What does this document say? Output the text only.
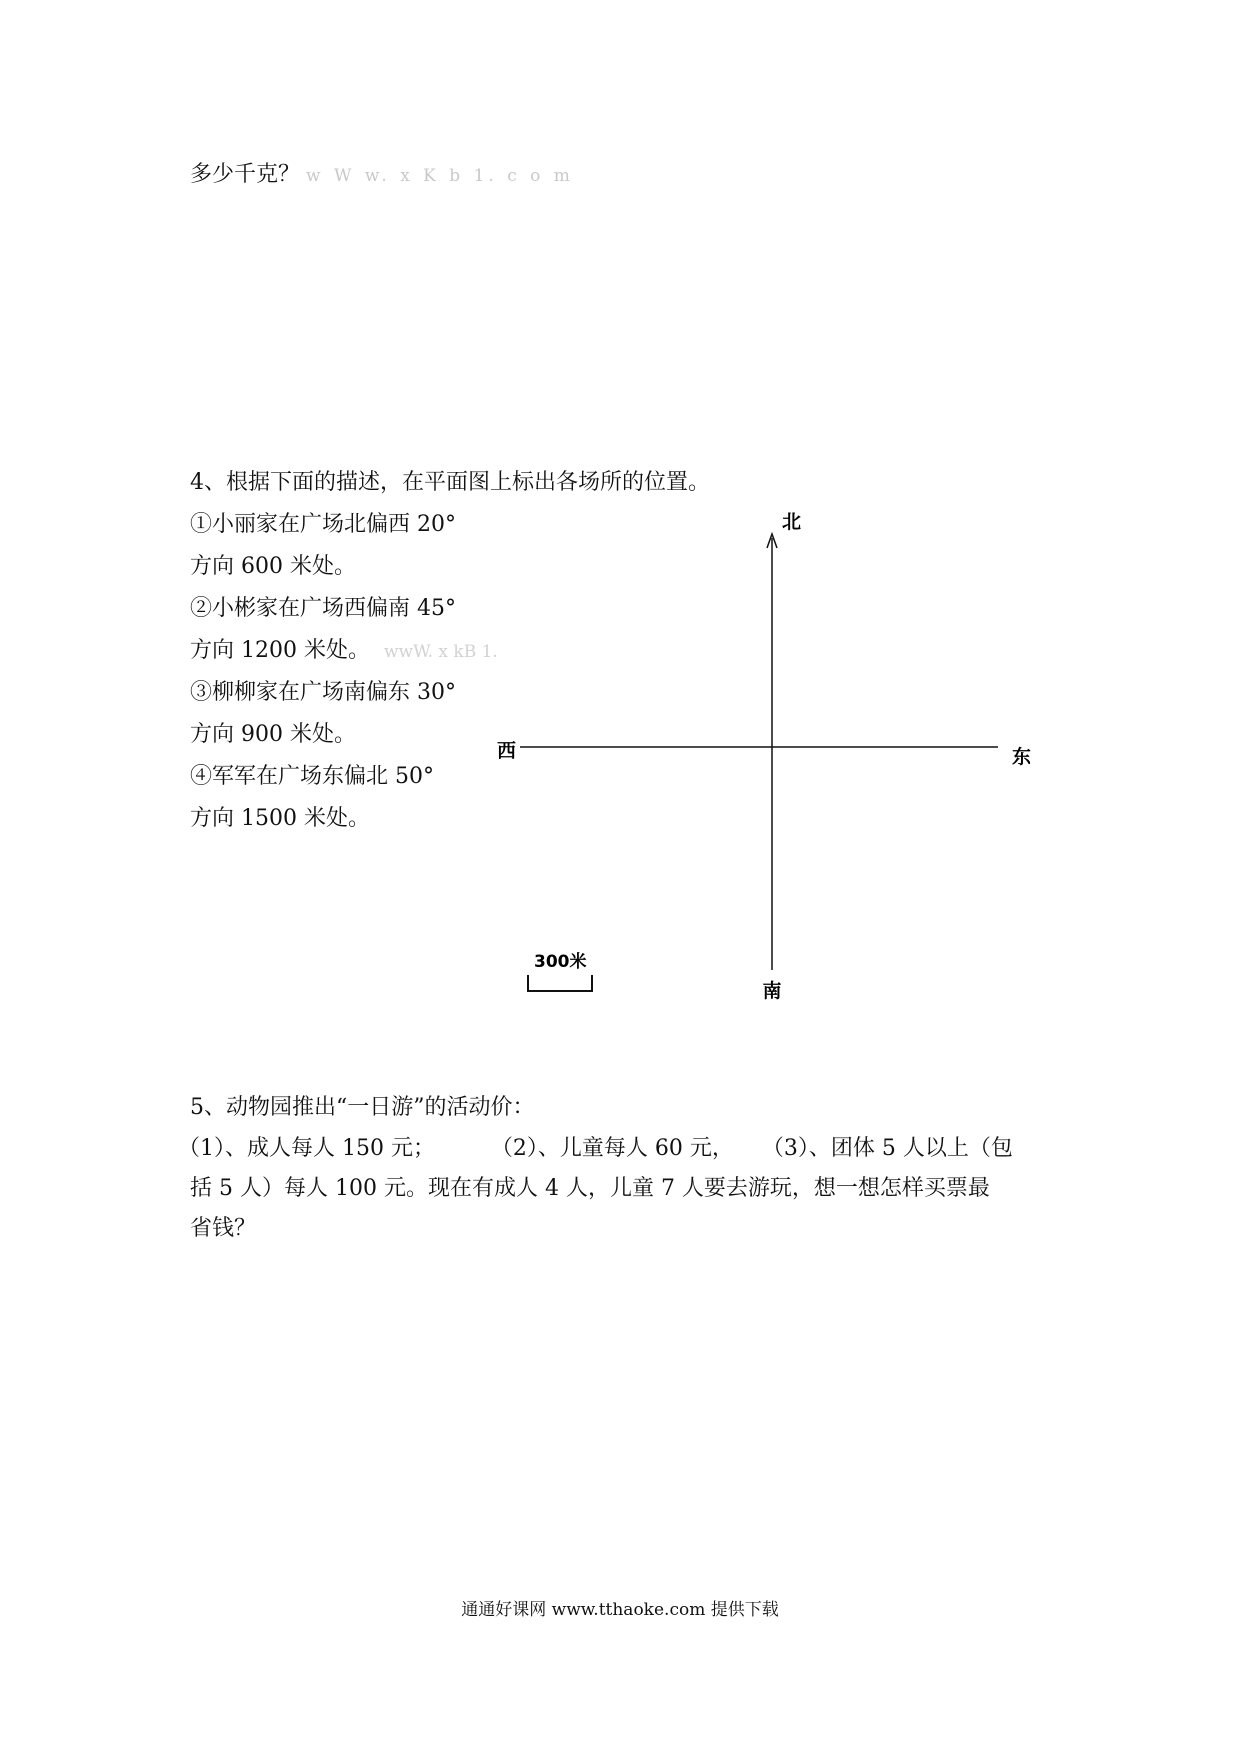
多少千克？ w W w. x K b 1. c o m
4、根据下面的描述，在平面图上标出各场所的位置。
①小丽家在广场北偏西 20°
方向 600 米处。
②小彬家在广场西偏南 45°
方向 1200 米处。 wwW. x kB 1.
③柳柳家在广场南偏东 30°
方向 900 米处。
④军军在广场东偏北 50°
方向 1500 米处。
北
南
西	东
300米
5、动物园推出“一日游”的活动价：
（1）、成人每人 150 元；        （2）、儿童每人 60 元，    （3）、团体 5 人以上（包
括 5 人）每人 100 元。现在有成人 4 人，儿童 7 人要去游玩，想一想怎样买票最
省钱？
通通好课网 www.tthaoke.com 提供下载
